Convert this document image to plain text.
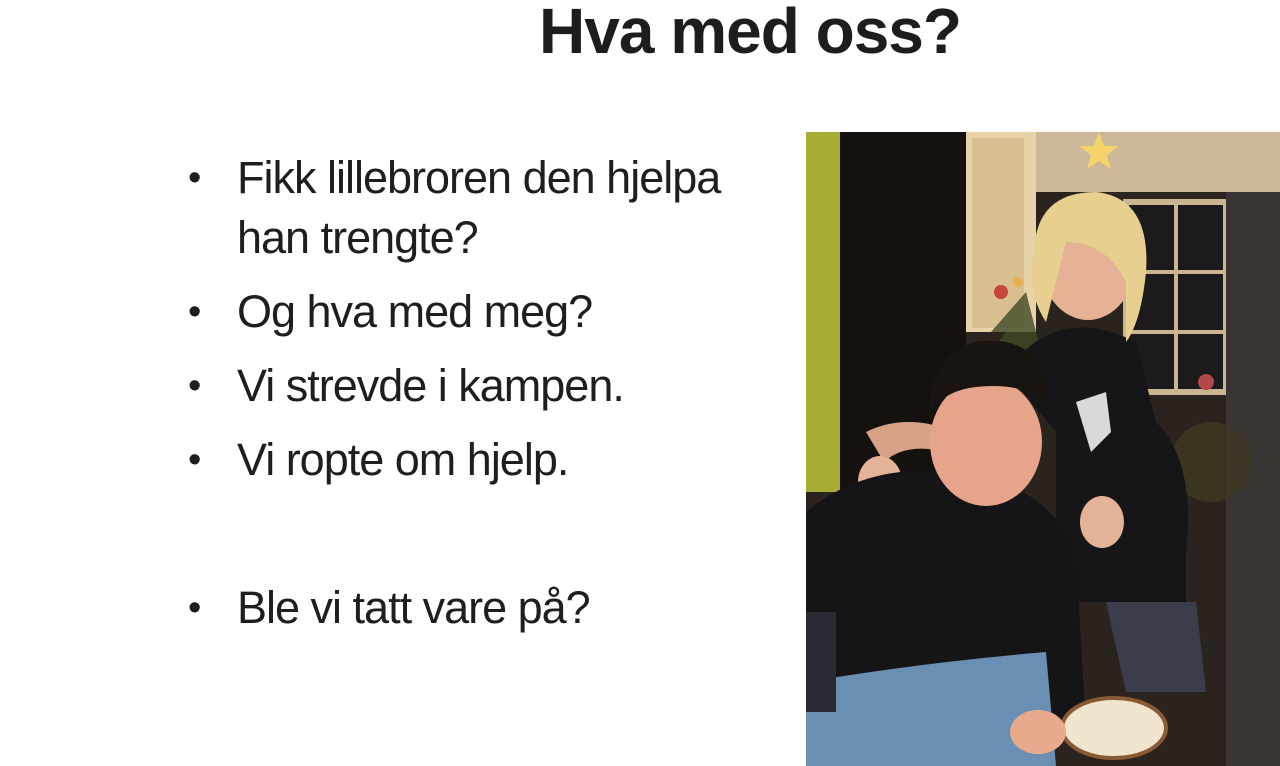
Hva med oss?
• Fikk lillebroren den hjelpa han trengte?
• Og hva med meg?
• Vi strevde i kampen.
• Vi ropte om hjelp.
• Ble vi tatt vare på?
